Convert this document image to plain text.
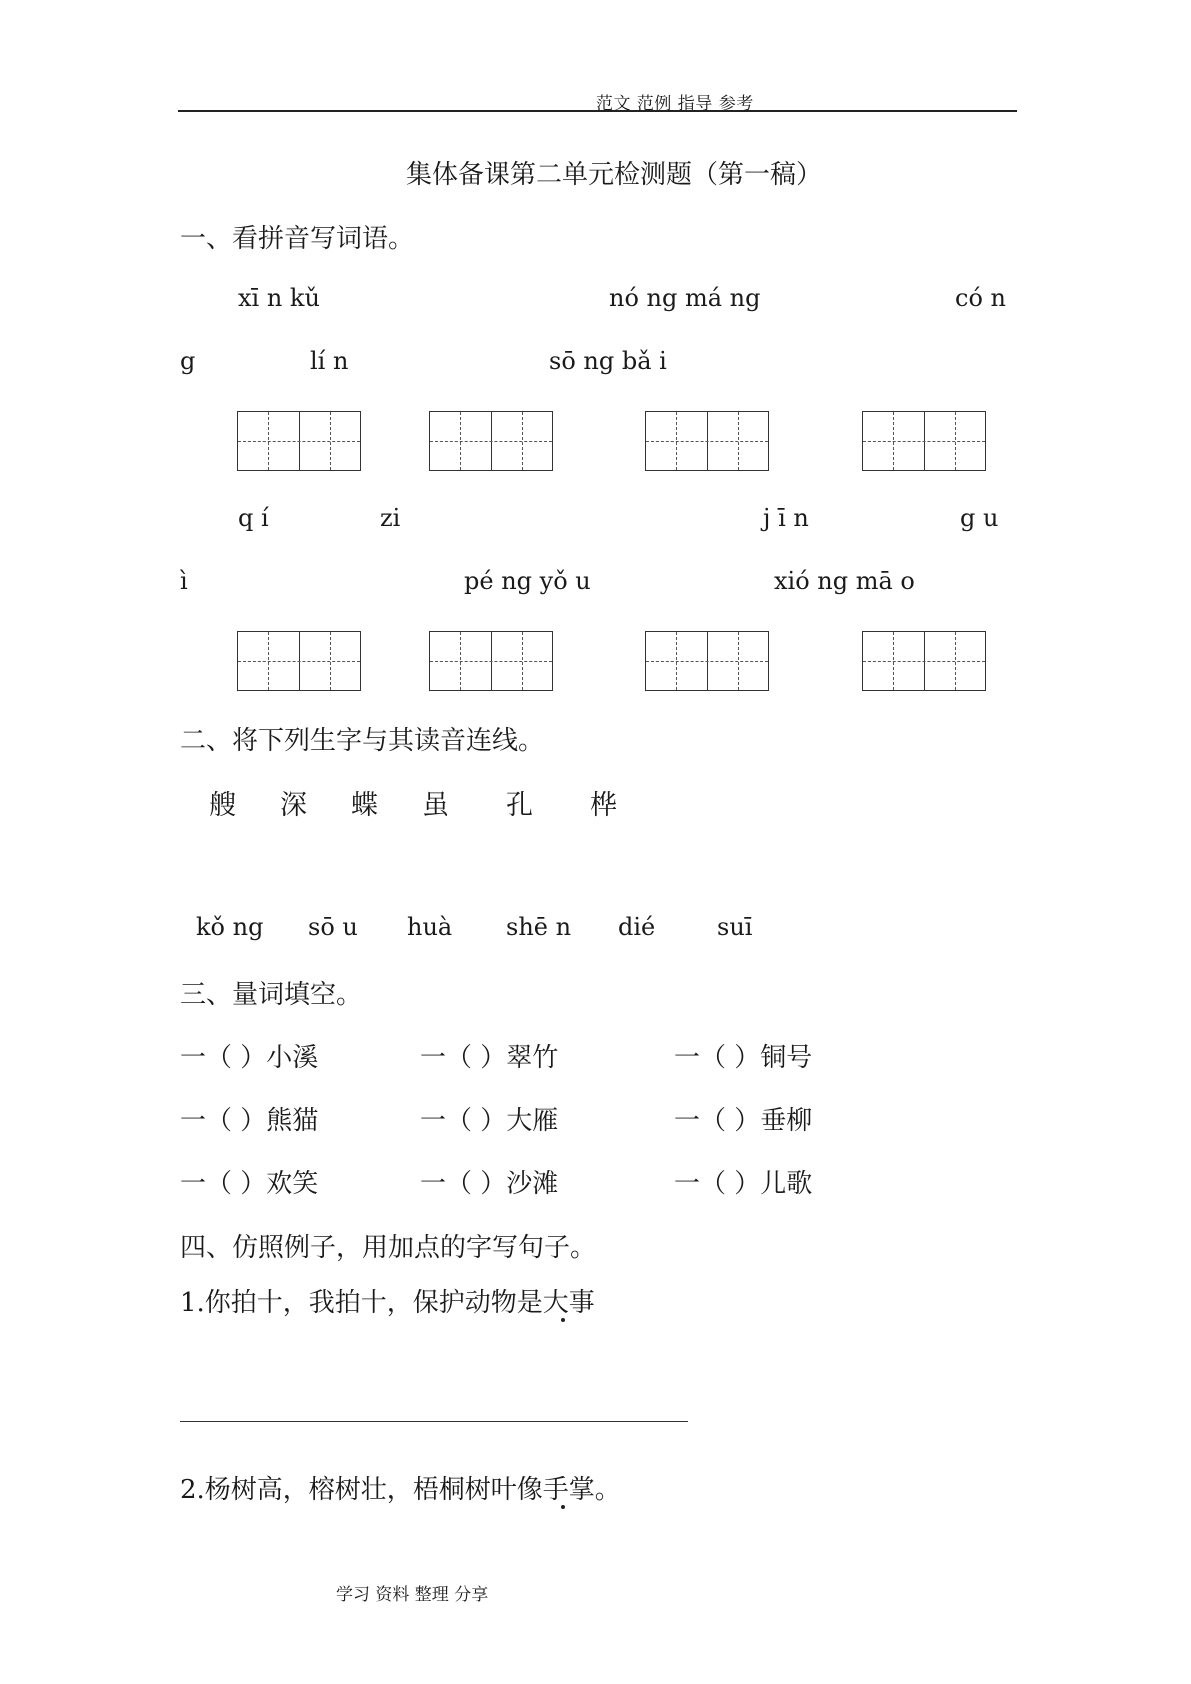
范文 范例 指导 参考
集体备课第二单元检测题（第一稿）
一、看拼音写词语。
xī n kǔ	nó ng má ng	có n
g	lí n	sō ng bǎ i
q í	zi	j ī n	g u
ì	pé ng yǒ u	xió ng mā o
二、将下列生字与其读音连线。
艘 深 蝶 虽 孔 桦
kǒ ng sō u huà shē n dié	suī
三、量词填空。
一（ ）小溪	一（ ）翠竹	一（ ）铜号
一（ ）熊猫	一（ ）大雁	一（ ）垂柳
一（ ）欢笑	一（ ）沙滩	一（ ）儿歌
四、仿照例子，用加点的字写句子。
1.你拍十，我拍十，保护动物是大事
2.杨树高，榕树壮，梧桐树叶像手掌。
学习 资料 整理 分享
